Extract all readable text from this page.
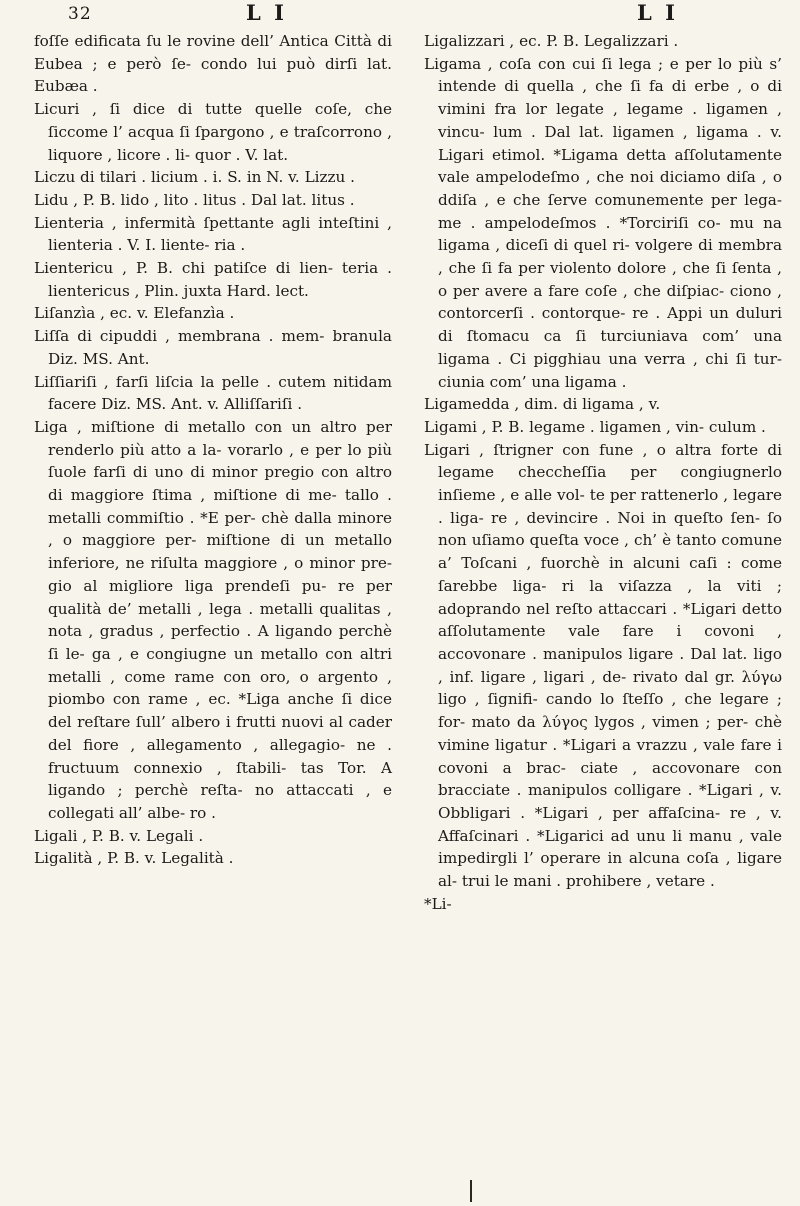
32	L I	L I

foſſe edificata ſu le rovine dell’ Antica Città di Eubea ; e però ſe- condo lui può dirſi lat. Eubæa .

Licuri , ſi dice di tutte quelle coſe, che ſiccome l’ acqua ſi ſpargono , e traſcorrono , liquore , licore . li- quor . V. lat.

Liczu di tilari . licium . i. S. in N. v. Lizzu .

Lidu , P. B. lido , lito . litus . Dal lat. litus .

Lienteria , infermità ſpettante agli inteſtini , lienteria . V. I. liente- ria .

Lientericu , P. B. chi patiſce di lien- teria . lientericus , Plin. juxta Hard. lect.

Liſanzìa , ec. v. Elefanzìa .

Liſſa di cipuddi , membrana . mem- branula Diz. MS. Ant.

Liſſiariſi , farſi liſcia la pelle . cutem nitidam facere Diz. MS. Ant. v. Alliſſariſi .

Liga , miſtione di metallo con un altro per renderlo più atto a la- vorarlo , e per lo più ſuole farſi di uno di minor pregio con altro di maggiore ſtima , miſtione di me- tallo . metalli commiſtio . *E per- chè dalla minore , o maggiore per- miſtione di un metallo inferiore, ne riſulta maggiore , o minor pre- gio al migliore liga prendeſi pu- re per qualità de’ metalli , lega . metalli qualitas , nota , gradus , perfectio . A ligando perchè ſi le- ga , e congiugne un metallo con altri metalli , come rame con oro, o argento , piombo con rame , ec. *Liga anche ſi dice del reſtare ſull’ albero i frutti nuovi al cader del fiore , allegamento , allegagio- ne . fructuum connexio , ſtabili- tas Tor. A ligando ; perchè reſta- no attaccati , e collegati all’ albe- ro .

Ligali , P. B. v. Legali .

Ligalità , P. B. v. Legalità .

Ligalizzari , ec. P. B. Legalizzari .

Ligama , coſa con cui ſi lega ; e per lo più s’ intende di quella , che ſi fa di erbe , o di vimini fra lor legate , legame . ligamen , vincu- lum . Dal lat. ligamen , ligama . v. Ligari etimol. *Ligama detta aſſolutamente vale ampelodeſmo , che noi diciamo diſa , o ddiſa , e che ſerve comunemente per lega- me . ampelodeſmos . *Torciriſi co- mu na ligama , diceſi di quel ri- volgere di membra , che ſi fa per violento dolore , che ſi ſenta , o per avere a fare coſe , che diſpiac- ciono , contorcerſi . contorque- re . Appi un duluri di ſtomacu ca ſi turciuniava com’ una ligama . Ci pigghiau una verra , chi ſi tur- ciunia com’ una ligama .

Ligamedda , dim. di ligama , v.

Ligami , P. B. legame . ligamen , vin- culum .

Ligari , ſtrigner con fune , o altra forte di legame checcheſſia per congiugnerlo inſieme , e alle vol- te per rattenerlo , legare . liga- re , devincire . Noi in queſto ſen- ſo non uſiamo queſta voce , ch’ è tanto comune a’ Toſcani , fuorchè in alcuni caſi : come ſarebbe liga- ri la viſazza , la viti ; adoprando nel reſto attaccari . *Ligari detto aſſolutamente vale fare i covoni , accovonare . manipulos ligare . Dal lat. ligo , inf. ligare , ligari , de- rivato dal gr. λύγω ligo , ſignifi- cando lo ſteſſo , che legare ; for- mato da λύγος lygos , vimen ; per- chè vimine ligatur . *Ligari a vrazzu , vale fare i covoni a brac- ciate , accovonare con bracciate . manipulos colligare . *Ligari , v. Obbligari . *Ligari , per affaſcina- re , v. Affaſcinari . *Ligarici ad unu li manu , vale impedirgli l’ operare in alcuna coſa , ligare al- trui le mani . prohibere , vetare .

*Li-
